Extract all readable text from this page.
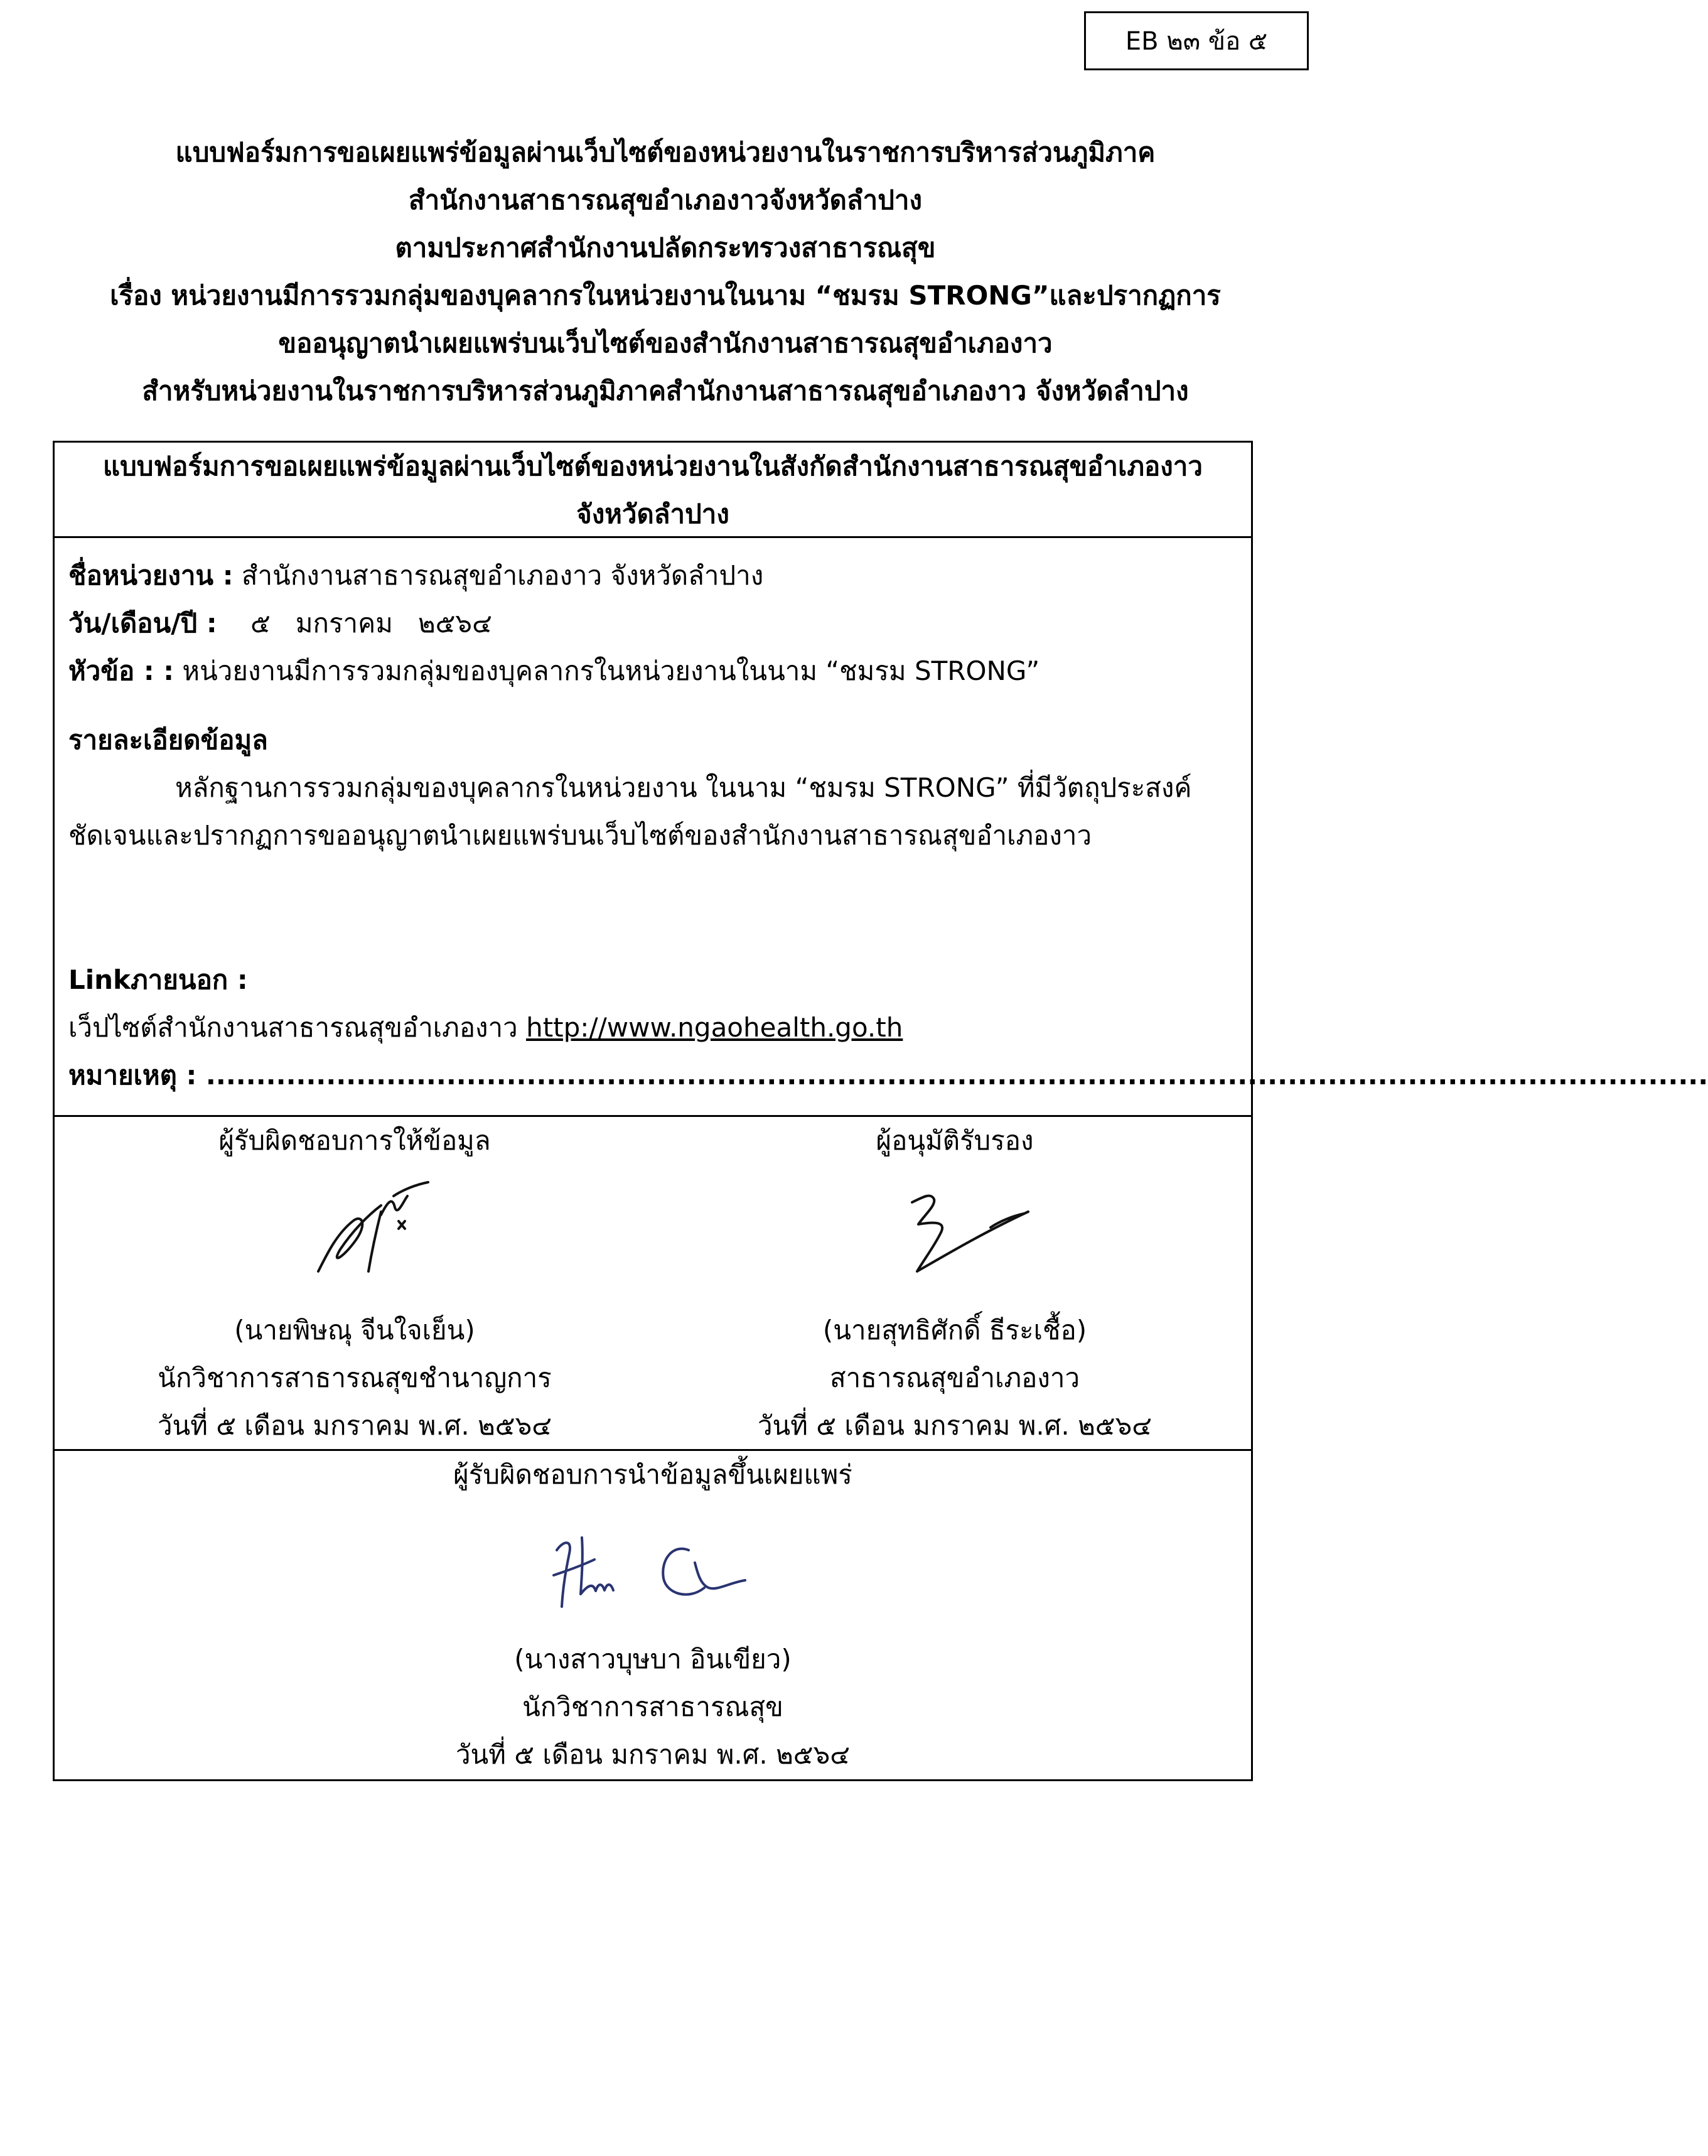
EB ๒๓ ข้อ ๕
แบบฟอร์มการขอเผยแพร่ข้อมูลผ่านเว็บไซต์ของหน่วยงานในราชการบริหารส่วนภูมิภาค
สำนักงานสาธารณสุขอำเภองาวจังหวัดลำปาง
ตามประกาศสำนักงานปลัดกระทรวงสาธารณสุข
เรื่อง หน่วยงานมีการรวมกลุ่มของบุคลากรในหน่วยงานในนาม “ชมรม STRONG”และปรากฏการ
ขออนุญาตนำเผยแพร่บนเว็บไซต์ของสำนักงานสาธารณสุขอำเภองาว
สำหรับหน่วยงานในราชการบริหารส่วนภูมิภาคสำนักงานสาธารณสุขอำเภองาว จังหวัดลำปาง
แบบฟอร์มการขอเผยแพร่ข้อมูลผ่านเว็บไซต์ของหน่วยงานในสังกัดสำนักงานสาธารณสุขอำเภองาว
จังหวัดลำปาง
ชื่อหน่วยงาน : สำนักงานสาธารณสุขอำเภองาว จังหวัดลำปาง
วัน/เดือน/ปี :    ๕   มกราคม   ๒๕๖๔
หัวข้อ : : หน่วยงานมีการรวมกลุ่มของบุคลากรในหน่วยงานในนาม “ชมรม STRONG”
รายละเอียดข้อมูล
หลักฐานการรวมกลุ่มของบุคลากรในหน่วยงาน ในนาม “ชมรม STRONG” ที่มีวัตถุประสงค์
ชัดเจนและปรากฏการขออนุญาตนำเผยแพร่บนเว็บไซต์ของสำนักงานสาธารณสุขอำเภองาว
Linkภายนอก :
เว็ปไซต์สำนักงานสาธารณสุขอำเภองาว http://www.ngaohealth.go.th
หมายเหตุ : ......................................................................................................................................................
ผู้รับผิดชอบการให้ข้อมูล
(นายพิษณุ จีนใจเย็น)
นักวิชาการสาธารณสุขชำนาญการ
วันที่ ๕ เดือน มกราคม พ.ศ. ๒๕๖๔
ผู้อนุมัติรับรอง
(นายสุทธิศักดิ์ ธีระเชื้อ)
สาธารณสุขอำเภองาว
วันที่ ๕ เดือน มกราคม พ.ศ. ๒๕๖๔
ผู้รับผิดชอบการนำข้อมูลขึ้นเผยแพร่
(นางสาวบุษบา อินเขียว)
นักวิชาการสาธารณสุข
วันที่ ๕ เดือน มกราคม พ.ศ. ๒๕๖๔
